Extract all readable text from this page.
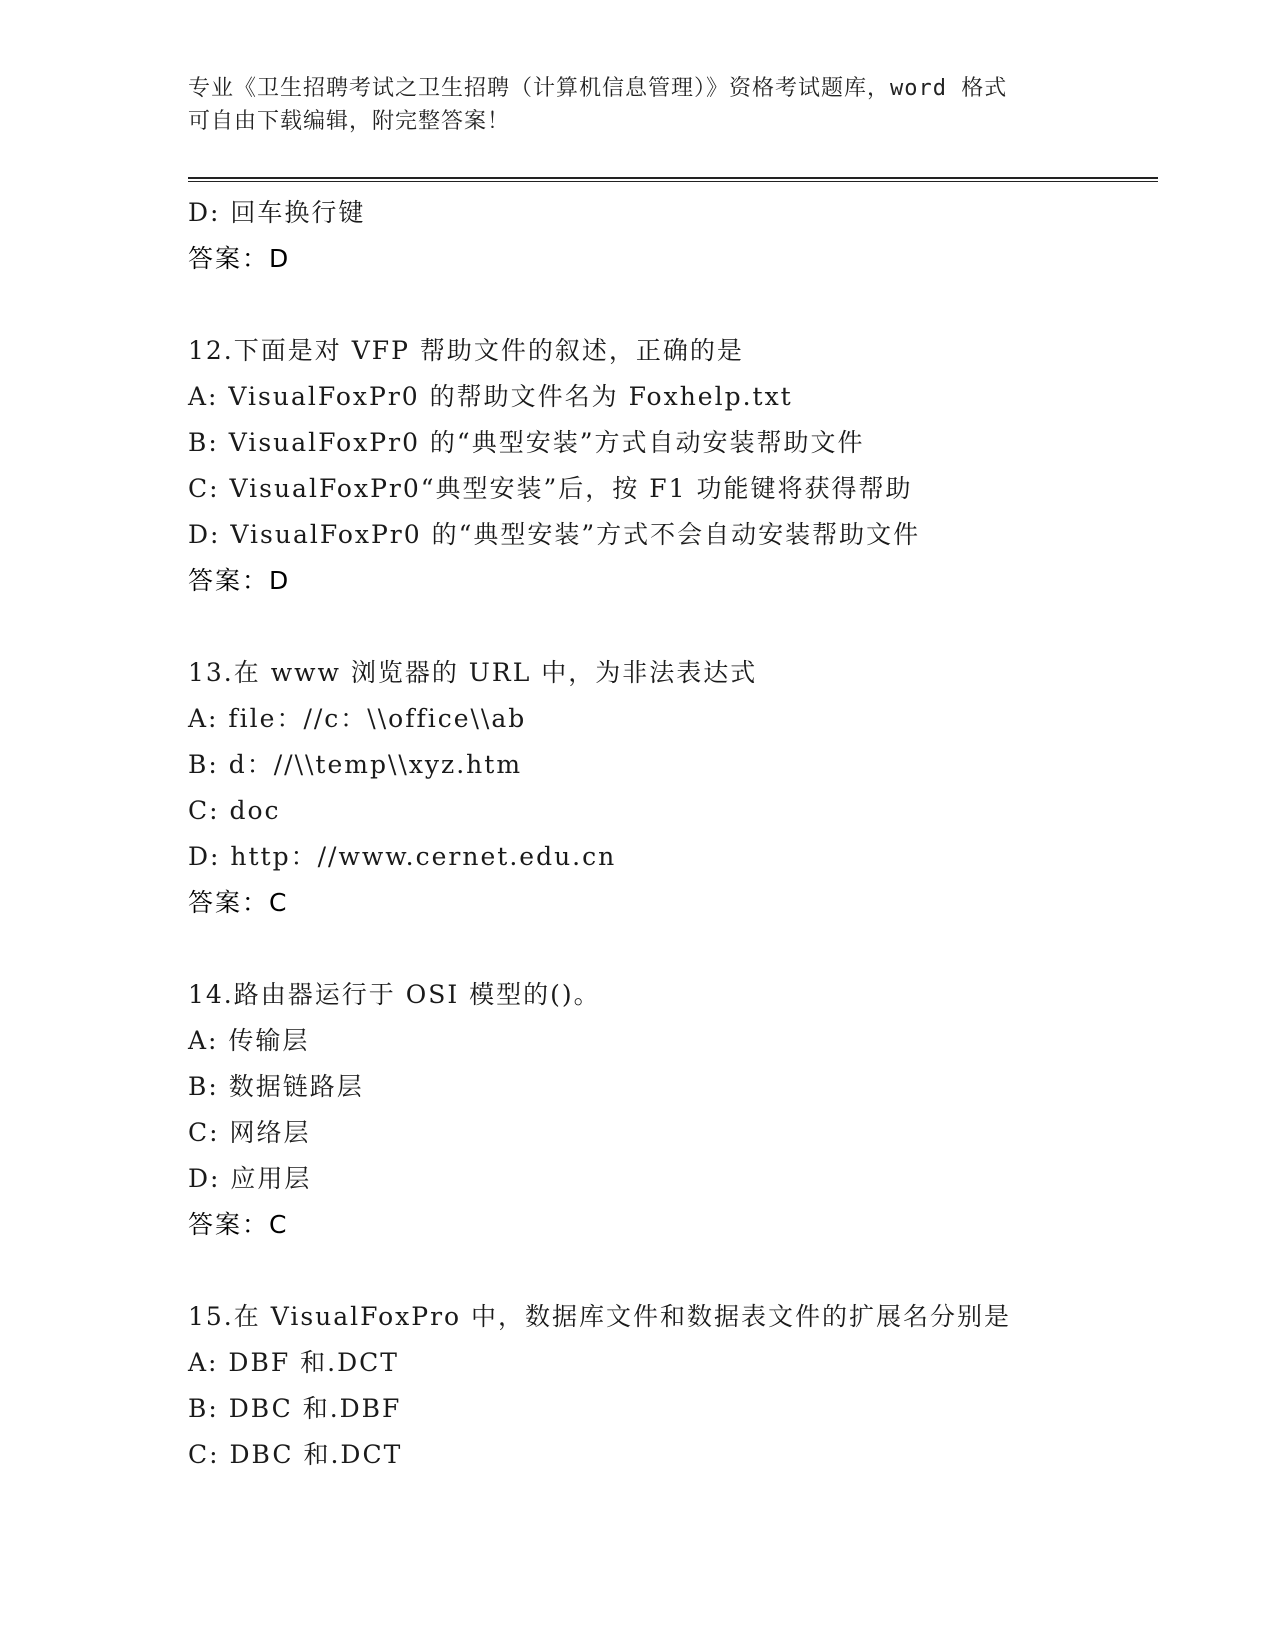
专业《卫生招聘考试之卫生招聘（计算机信息管理）》资格考试题库，word 格式
可自由下载编辑，附完整答案！
D: 回车换行键
答案：D
12.下面是对 VFP 帮助文件的叙述，正确的是
A: VisualFoxPr0 的帮助文件名为 Foxhelp.txt
B: VisualFoxPr0 的“典型安装”方式自动安装帮助文件
C: VisualFoxPr0“典型安装”后，按 F1 功能键将获得帮助
D: VisualFoxPr0 的“典型安装”方式不会自动安装帮助文件
答案：D
13.在 www 浏览器的 URL 中，为非法表达式
A: file：//c：\\office\\ab
B: d：//\\temp\\xyz.htm
C: doc
D: http：//www.cernet.edu.cn
答案：C
14.路由器运行于 OSI 模型的()。
A: 传输层
B: 数据链路层
C: 网络层
D: 应用层
答案：C
15.在 VisualFoxPro 中，数据库文件和数据表文件的扩展名分别是
A: DBF 和.DCT
B: DBC 和.DBF
C: DBC 和.DCT
